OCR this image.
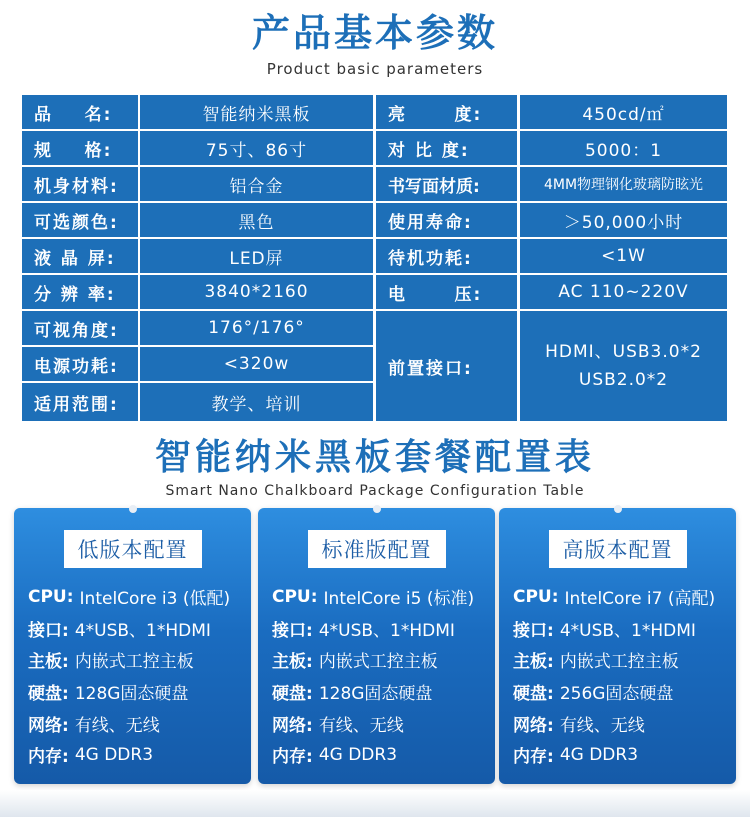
产品基本参数
Product basic parameters
品    名:	智能纳米黑板	亮      度:	450cd/㎡
规    格:	75寸、86寸	对 比 度:	5000：1
机身材料:	铝合金	书写面材质:	4MM物理钢化玻璃防眩光
可选颜色:	黑色	使用寿命:	＞50,000小时
液 晶 屏:	LED屏	待机功耗:	<1W
分 辨 率:	3840*2160	电      压:	AC 110~220V
可视角度:	176°/176°
电源功耗:	<320w
适用范围:	教学、培训
前置接口:
HDMI、USB3.0*2
USB2.0*2
智能纳米黑板套餐配置表
Smart Nano Chalkboard Package Configuration Table
低版本配置
CPU: IntelCore i3 (低配)
接口: 4*USB、1*HDMI
主板: 内嵌式工控主板
硬盘: 128G固态硬盘
网络: 有线、无线
内存: 4G DDR3
标准版配置
CPU: IntelCore i5 (标准)
接口: 4*USB、1*HDMI
主板: 内嵌式工控主板
硬盘: 128G固态硬盘
网络: 有线、无线
内存: 4G DDR3
高版本配置
CPU: IntelCore i7 (高配)
接口: 4*USB、1*HDMI
主板: 内嵌式工控主板
硬盘: 256G固态硬盘
网络: 有线、无线
内存: 4G DDR3
